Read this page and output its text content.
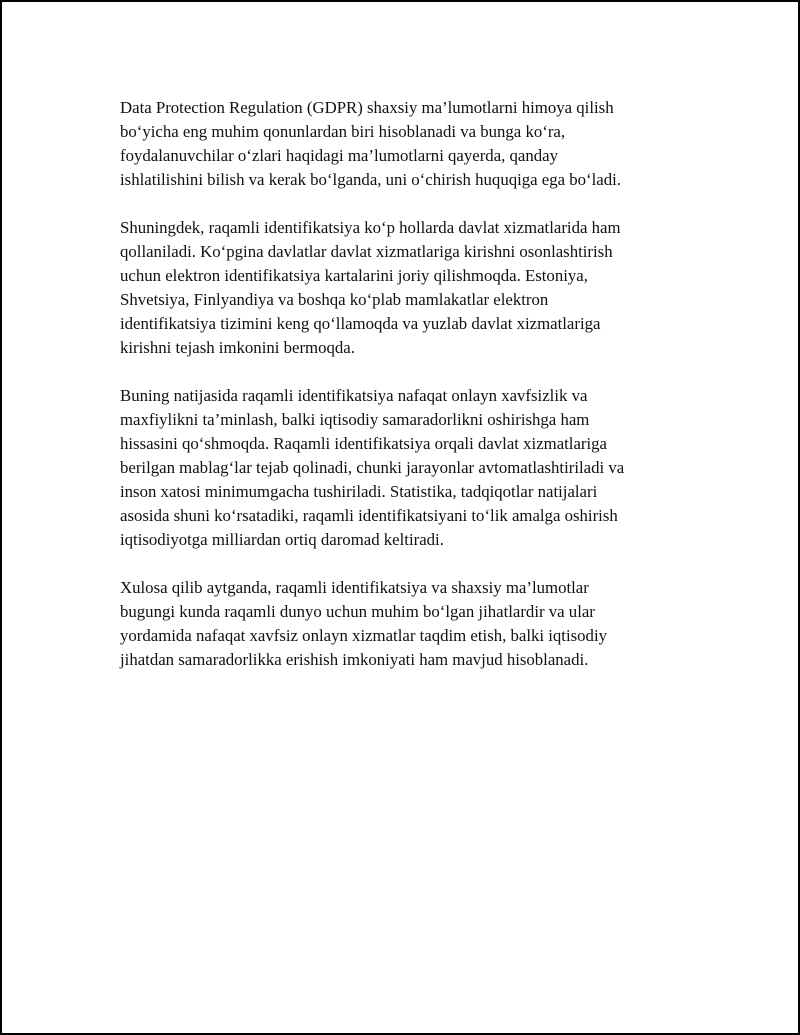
Data Protection Regulation (GDPR) shaxsiy ma’lumotlarni himoya qilish
bo‘yicha eng muhim qonunlardan biri hisoblanadi va bunga ko‘ra,
foydalanuvchilar o‘zlari haqidagi ma’lumotlarni qayerda, qanday
ishlatilishini bilish va kerak bo‘lganda, uni o‘chirish huquqiga ega bo‘ladi.

Shuningdek, raqamli identifikatsiya ko‘p hollarda davlat xizmatlarida ham
qollaniladi. Ko‘pgina davlatlar davlat xizmatlariga kirishni osonlashtirish
uchun elektron identifikatsiya kartalarini joriy qilishmoqda. Estoniya,
Shvetsiya, Finlyandiya va boshqa ko‘plab mamlakatlar elektron
identifikatsiya tizimini keng qo‘llamoqda va yuzlab davlat xizmatlariga
kirishni tejash imkonini bermoqda.

Buning natijasida raqamli identifikatsiya nafaqat onlayn xavfsizlik va
maxfiylikni ta’minlash, balki iqtisodiy samaradorlikni oshirishga ham
hissasini qo‘shmoqda. Raqamli identifikatsiya orqali davlat xizmatlariga
berilgan mablag‘lar tejab qolinadi, chunki jarayonlar avtomatlashtiriladi va
inson xatosi minimumgacha tushiriladi. Statistika, tadqiqotlar natijalari
asosida shuni ko‘rsatadiki, raqamli identifikatsiyani to‘lik amalga oshirish
iqtisodiyotga milliardan ortiq daromad keltiradi.

Xulosa qilib aytganda, raqamli identifikatsiya va shaxsiy ma’lumotlar
bugungi kunda raqamli dunyo uchun muhim bo‘lgan jihatlardir va ular
yordamida nafaqat xavfsiz onlayn xizmatlar taqdim etish, balki iqtisodiy
jihatdan samaradorlikka erishish imkoniyati ham mavjud hisoblanadi.
